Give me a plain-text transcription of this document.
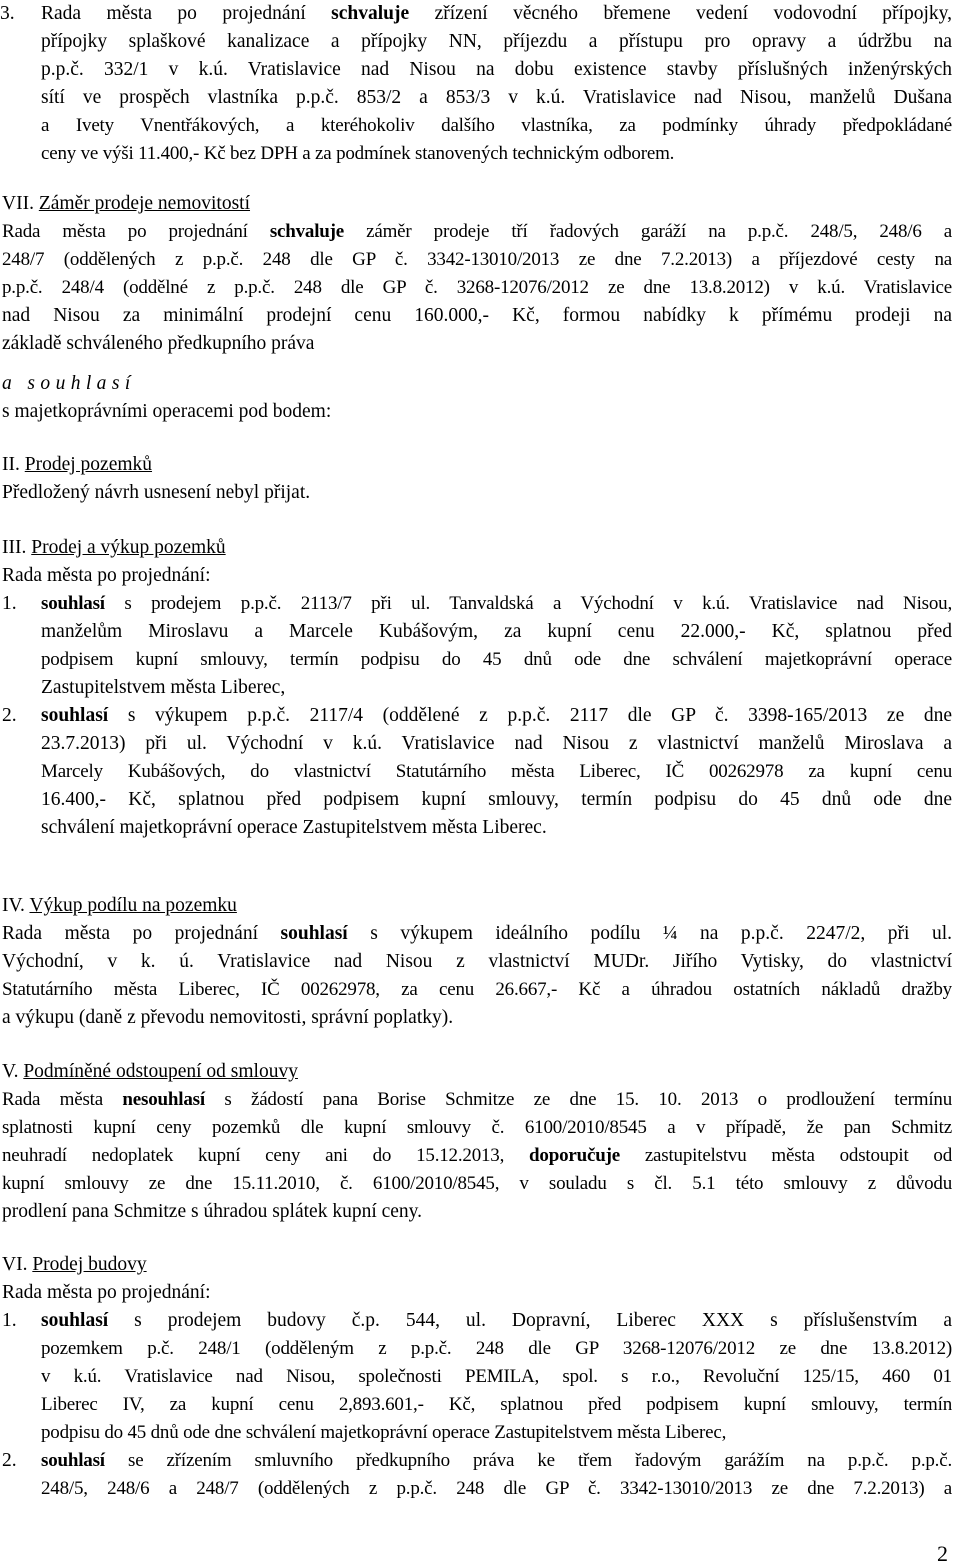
3. Rada města po projednání schvaluje zřízení věcného břemene vedení vodovodní přípojky,
přípojky splaškové kanalizace a přípojky NN, příjezdu a přístupu pro opravy a údržbu na
p.p.č. 332/1 v k.ú. Vratislavice nad Nisou na dobu existence stavby příslušných inženýrských
sítí ve prospěch vlastníka p.p.č. 853/2 a 853/3 v k.ú. Vratislavice nad Nisou, manželů Dušana
a Ivety Vnentřákových, a kteréhokoliv dalšího vlastníka, za podmínky úhrady předpokládané
ceny ve výši 11.400,- Kč bez DPH a za podmínek stanovených technickým odborem.
VII. Záměr prodeje nemovitostí
Rada města po projednání schvaluje záměr prodeje tří řadových garáží na p.p.č. 248/5, 248/6 a
248/7 (oddělených z p.p.č. 248 dle GP č. 3342-13010/2013 ze dne 7.2.2013) a příjezdové cesty na
p.p.č. 248/4 (oddělné z p.p.č. 248 dle GP č. 3268-12076/2012 ze dne 13.8.2012) v k.ú. Vratislavice
nad Nisou za minimální prodejní cenu 160.000,- Kč, formou nabídky k přímému prodeji na
základě schváleného předkupního práva
a souhlasí
s majetkoprávními operacemi pod bodem:
II. Prodej pozemků
Předložený návrh usnesení nebyl přijat.
III. Prodej a výkup pozemků
Rada města po projednání:
1. souhlasí s prodejem p.p.č. 2113/7 při ul. Tanvaldská a Východní v k.ú. Vratislavice nad Nisou,
manželům Miroslavu a Marcele Kubášovým, za kupní cenu 22.000,- Kč, splatnou před
podpisem kupní smlouvy, termín podpisu do 45 dnů ode dne schválení majetkoprávní operace
Zastupitelstvem města Liberec,
2. souhlasí s výkupem p.p.č. 2117/4 (oddělené z p.p.č. 2117 dle GP č. 3398-165/2013 ze dne
23.7.2013) při ul. Východní v k.ú. Vratislavice nad Nisou z vlastnictví manželů Miroslava a
Marcely Kubášových, do vlastnictví Statutárního města Liberec, IČ 00262978 za kupní cenu
16.400,- Kč, splatnou před podpisem kupní smlouvy, termín podpisu do 45 dnů ode dne
schválení majetkoprávní operace Zastupitelstvem města Liberec.
IV. Výkup podílu na pozemku
Rada města po projednání souhlasí s výkupem ideálního podílu ¼ na p.p.č. 2247/2, při ul.
Východní, v k. ú. Vratislavice nad Nisou z vlastnictví MUDr. Jiřího Vytisky, do vlastnictví
Statutárního města Liberec, IČ 00262978, za cenu 26.667,- Kč a úhradou ostatních nákladů dražby
a výkupu (daně z převodu nemovitosti, správní poplatky).
V. Podmíněné odstoupení od smlouvy
Rada města nesouhlasí s žádostí pana Borise Schmitze ze dne 15. 10. 2013 o prodloužení termínu
splatnosti kupní ceny pozemků dle kupní smlouvy č. 6100/2010/8545 a v případě, že pan Schmitz
neuhradí nedoplatek kupní ceny ani do 15.12.2013, doporučuje zastupitelstvu města odstoupit od
kupní smlouvy ze dne 15.11.2010, č. 6100/2010/8545, v souladu s čl. 5.1 této smlouvy z důvodu
prodlení pana Schmitze s úhradou splátek kupní ceny.
VI. Prodej budovy
Rada města po projednání:
1. souhlasí s prodejem budovy č.p. 544, ul. Dopravní, Liberec XXX s příslušenstvím a
pozemkem p.č. 248/1 (odděleným z p.p.č. 248 dle GP 3268-12076/2012 ze dne 13.8.2012)
v k.ú. Vratislavice nad Nisou, společnosti PEMILA, spol. s r.o., Revoluční 125/15, 460 01
Liberec IV, za kupní cenu 2,893.601,- Kč, splatnou před podpisem kupní smlouvy, termín
podpisu do 45 dnů ode dne schválení majetkoprávní operace Zastupitelstvem města Liberec,
2. souhlasí se zřízením smluvního předkupního práva ke třem řadovým garážím na p.p.č. p.p.č.
248/5, 248/6 a 248/7 (oddělených z p.p.č. 248 dle GP č. 3342-13010/2013 ze dne 7.2.2013) a
2
